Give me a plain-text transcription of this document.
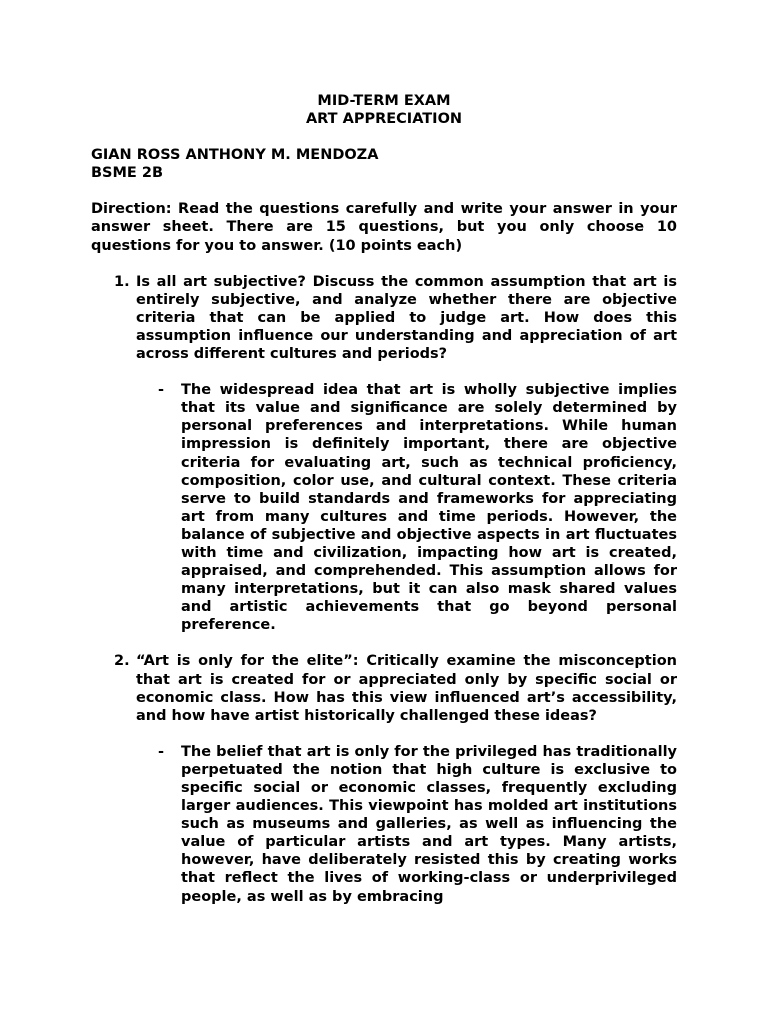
MID-TERM EXAM
ART APPRECIATION

GIAN ROSS ANTHONY M. MENDOZA
BSME 2B
Direction: Read the questions carefully and write your answer in your answer sheet. There are 15 questions, but you only choose 10 questions for you to answer. (10 points each)
1. Is all art subjective? Discuss the common assumption that art is entirely subjective, and analyze whether there are objective criteria that can be applied to judge art. How does this assumption influence our understanding and appreciation of art across different cultures and periods?
- The widespread idea that art is wholly subjective implies that its value and significance are solely determined by personal preferences and interpretations. While human impression is definitely important, there are objective criteria for evaluating art, such as technical proficiency, composition, color use, and cultural context. These criteria serve to build standards and frameworks for appreciating art from many cultures and time periods. However, the balance of subjective and objective aspects in art fluctuates with time and civilization, impacting how art is created, appraised, and comprehended. This assumption allows for many interpretations, but it can also mask shared values and artistic achievements that go beyond personal preference.
2. “Art is only for the elite”: Critically examine the misconception that art is created for or appreciated only by specific social or economic class. How has this view influenced art’s accessibility, and how have artist historically challenged these ideas?
- The belief that art is only for the privileged has traditionally perpetuated the notion that high culture is exclusive to specific social or economic classes, frequently excluding larger audiences. This viewpoint has molded art institutions such as museums and galleries, as well as influencing the value of particular artists and art types. Many artists, however, have deliberately resisted this by creating works that reflect the lives of working-class or underprivileged people, as well as by embracing
